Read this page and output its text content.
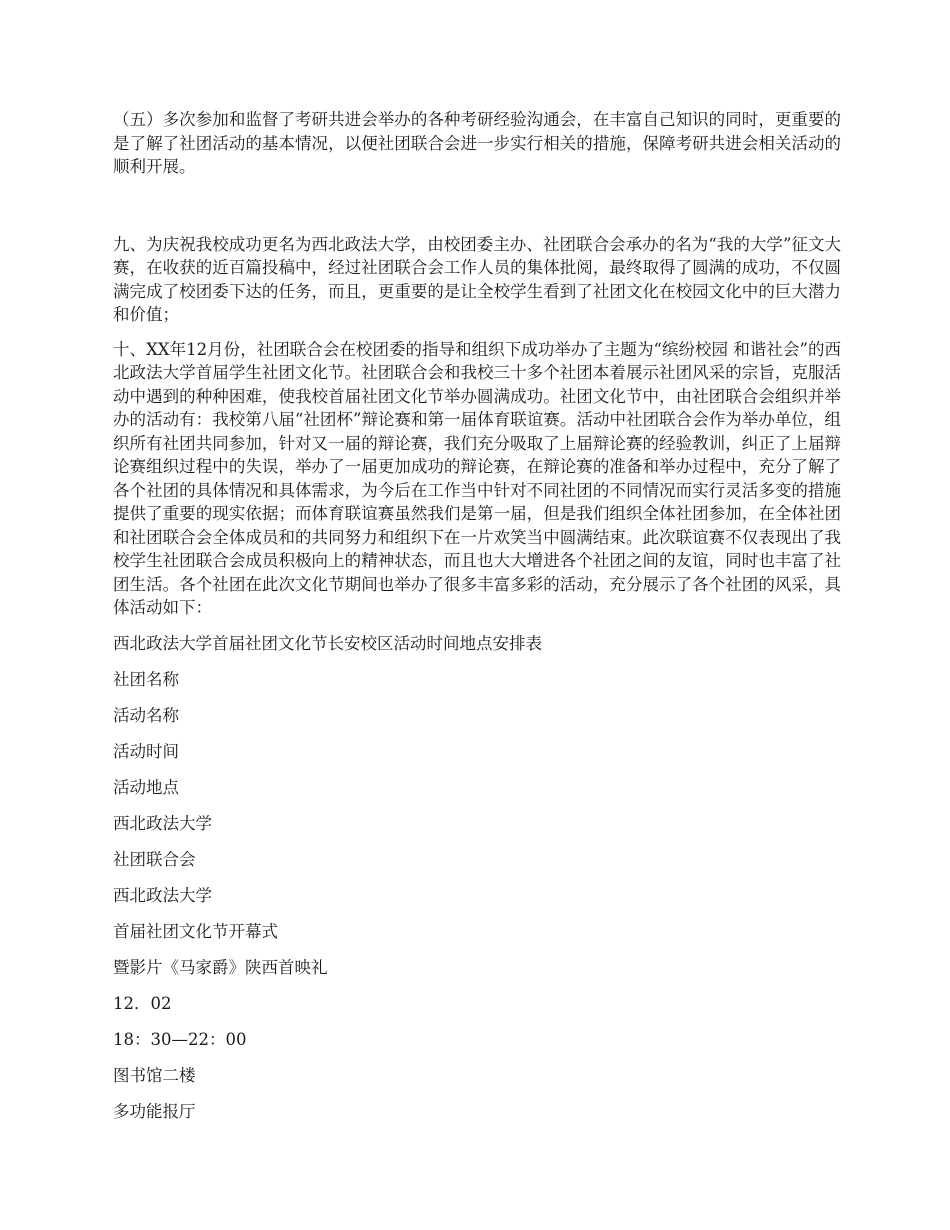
（五）多次参加和监督了考研共进会举办的各种考研经验沟通会，在丰富自己知识的同时，更重要的是了解了社团活动的基本情况，以便社团联合会进一步实行相关的措施，保障考研共进会相关活动的顺利开展。

九、为庆祝我校成功更名为西北政法大学，由校团委主办、社团联合会承办的名为“我的大学”征文大赛，在收获的近百篇投稿中，经过社团联合会工作人员的集体批阅，最终取得了圆满的成功，不仅圆满完成了校团委下达的任务，而且，更重要的是让全校学生看到了社团文化在校园文化中的巨大潜力和价值；

十、XX年12月份，社团联合会在校团委的指导和组织下成功举办了主题为“缤纷校园 和谐社会”的西北政法大学首届学生社团文化节。社团联合会和我校三十多个社团本着展示社团风采的宗旨，克服活动中遇到的种种困难，使我校首届社团文化节举办圆满成功。社团文化节中，由社团联合会组织并举办的活动有：我校第八届“社团杯”辩论赛和第一届体育联谊赛。活动中社团联合会作为举办单位，组织所有社团共同参加，针对又一届的辩论赛，我们充分吸取了上届辩论赛的经验教训，纠正了上届辩论赛组织过程中的失误，举办了一届更加成功的辩论赛，在辩论赛的准备和举办过程中，充分了解了各个社团的具体情况和具体需求，为今后在工作当中针对不同社团的不同情况而实行灵活多变的措施提供了重要的现实依据；而体育联谊赛虽然我们是第一届，但是我们组织全体社团参加，在全体社团和社团联合会全体成员和的共同努力和组织下在一片欢笑当中圆满结束。此次联谊赛不仅表现出了我校学生社团联合会成员积极向上的精神状态，而且也大大增进各个社团之间的友谊，同时也丰富了社团生活。各个社团在此次文化节期间也举办了很多丰富多彩的活动，充分展示了各个社团的风采，具体活动如下：

西北政法大学首届社团文化节长安校区活动时间地点安排表

社团名称

活动名称

活动时间

活动地点

西北政法大学

社团联合会

西北政法大学

首届社团文化节开幕式

暨影片《马家爵》陕西首映礼

12．02

18：30—22：00

图书馆二楼

多功能报厅
